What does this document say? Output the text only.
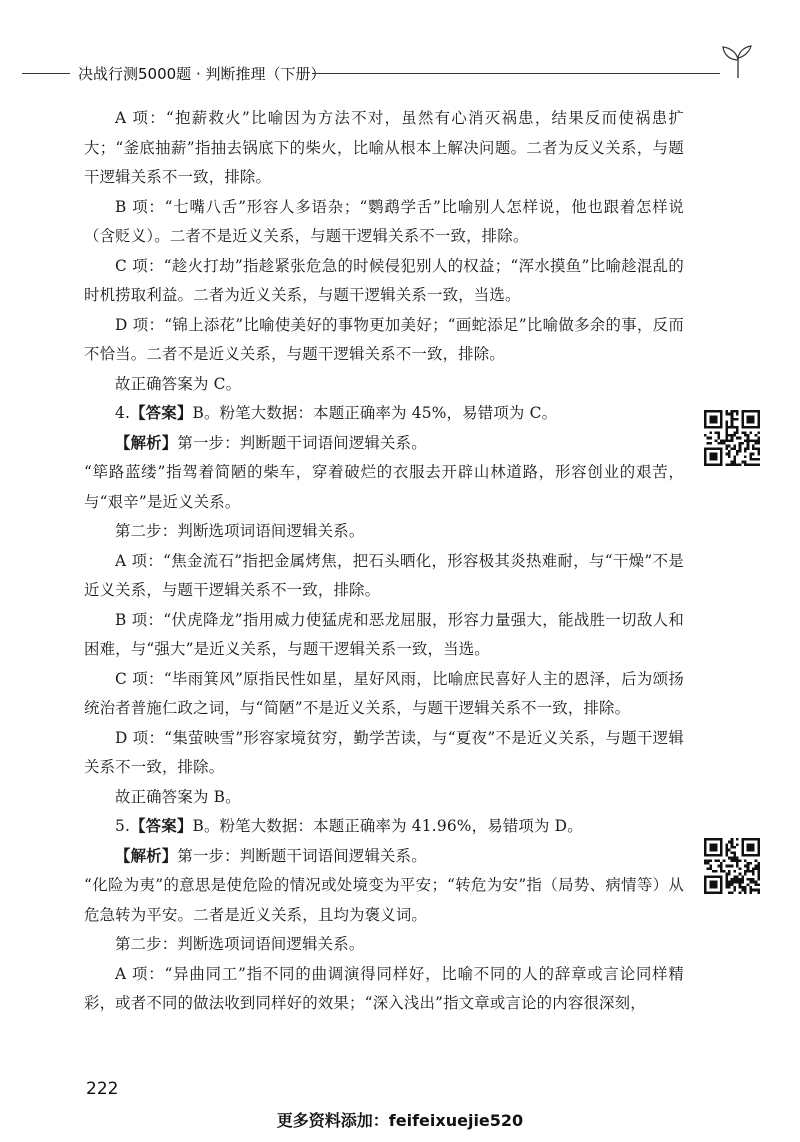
决战行测5000题 · 判断推理（下册）

A 项：“抱薪救火”比喻因为方法不对，虽然有心消灭祸患，结果反而使祸患扩大；“釜底抽薪”指抽去锅底下的柴火，比喻从根本上解决问题。二者为反义关系，与题干逻辑关系不一致，排除。

B 项：“七嘴八舌”形容人多语杂；“鹦鹉学舌”比喻别人怎样说，他也跟着怎样说（含贬义）。二者不是近义关系，与题干逻辑关系不一致，排除。

C 项：“趁火打劫”指趁紧张危急的时候侵犯别人的权益；“浑水摸鱼”比喻趁混乱的时机捞取利益。二者为近义关系，与题干逻辑关系一致，当选。

D 项：“锦上添花”比喻使美好的事物更加美好；“画蛇添足”比喻做多余的事，反而不恰当。二者不是近义关系，与题干逻辑关系不一致，排除。

故正确答案为 C。

4.【答案】B。粉笔大数据：本题正确率为 45%，易错项为 C。

【解析】第一步：判断题干词语间逻辑关系。

“筚路蓝缕”指驾着简陋的柴车，穿着破烂的衣服去开辟山林道路，形容创业的艰苦，与“艰辛”是近义关系。

第二步：判断选项词语间逻辑关系。

A 项：“焦金流石”指把金属烤焦，把石头晒化，形容极其炎热难耐，与“干燥”不是近义关系，与题干逻辑关系不一致，排除。

B 项：“伏虎降龙”指用威力使猛虎和恶龙屈服，形容力量强大，能战胜一切敌人和困难，与“强大”是近义关系，与题干逻辑关系一致，当选。

C 项：“毕雨箕风”原指民性如星，星好风雨，比喻庶民喜好人主的恩泽，后为颂扬统治者普施仁政之词，与“简陋”不是近义关系，与题干逻辑关系不一致，排除。

D 项：“集萤映雪”形容家境贫穷，勤学苦读，与“夏夜”不是近义关系，与题干逻辑关系不一致，排除。

故正确答案为 B。

5.【答案】B。粉笔大数据：本题正确率为 41.96%，易错项为 D。

【解析】第一步：判断题干词语间逻辑关系。

“化险为夷”的意思是使危险的情况或处境变为平安；“转危为安”指（局势、病情等）从危急转为平安。二者是近义关系，且均为褒义词。

第二步：判断选项词语间逻辑关系。

A 项：“异曲同工”指不同的曲调演得同样好，比喻不同的人的辞章或言论同样精彩，或者不同的做法收到同样好的效果；“深入浅出”指文章或言论的内容很深刻，

222
更多资料添加：feifeixuejie520
